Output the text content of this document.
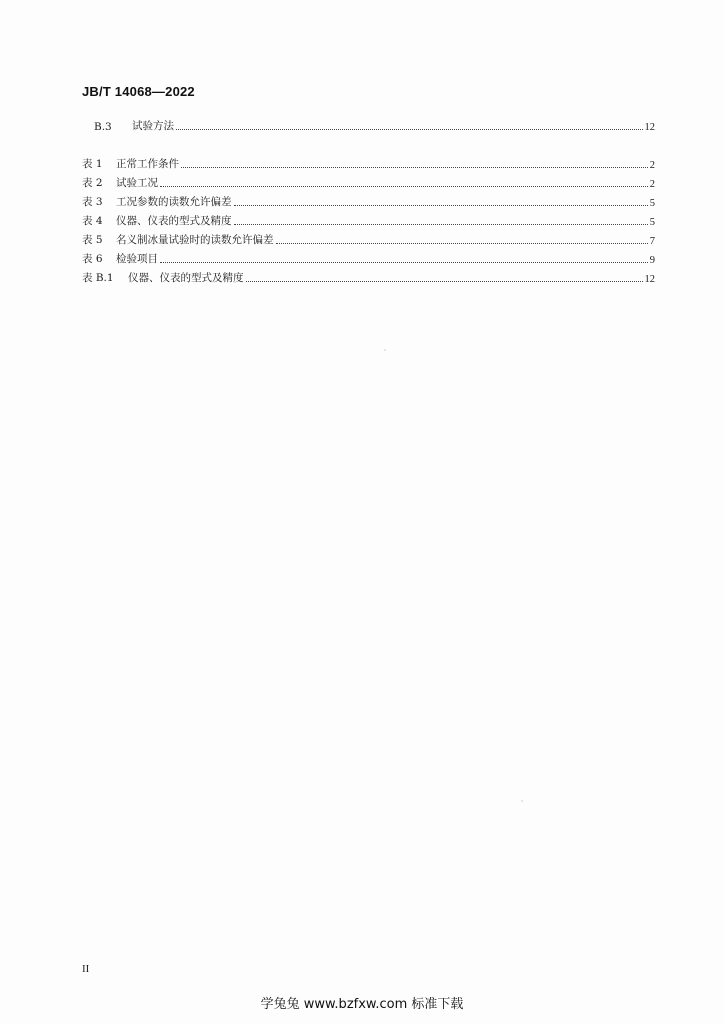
JB/T 14068—2022
B.3	试验方法	12
表 1	正常工作条件	2
表 2	试验工况	2
表 3	工况参数的读数允许偏差	5
表 4	仪器、仪表的型式及精度	5
表 5	名义制冰量试验时的读数允许偏差	7
表 6	检验项目	9
表 B.1	仪器、仪表的型式及精度	12
II
学兔兔 www.bzfxw.com 标准下载
